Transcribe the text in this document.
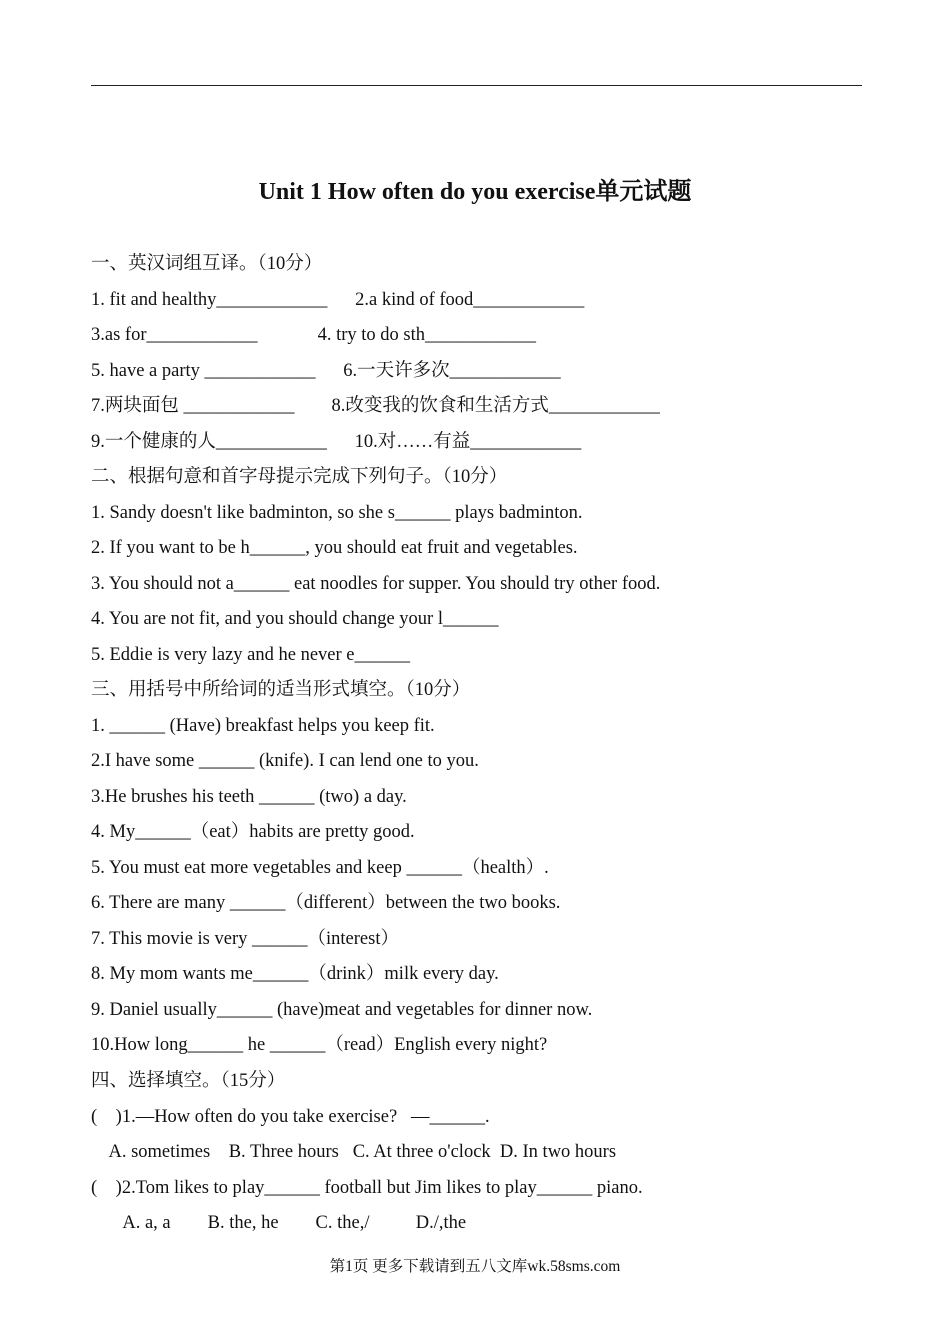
Unit 1 How often do you exercise单元试题
一、英汉词组互译。（10分）
1. fit and healthy____________      2.a kind of food____________
3.as for____________             4. try to do sth____________
5. have a party ____________      6.一天许多次____________
7.两块面包 ____________        8.改变我的饮食和生活方式____________
9.一个健康的人____________      10.对……有益____________
二、根据句意和首字母提示完成下列句子。（10分）
1. Sandy doesn't like badminton, so she s______ plays badminton.
2. If you want to be h______, you should eat fruit and vegetables.
3. You should not a______ eat noodles for supper. You should try other food.
4. You are not fit, and you should change your l______
5. Eddie is very lazy and he never e______
三、用括号中所给词的适当形式填空。（10分）
1. ______ (Have) breakfast helps you keep fit.
2.I have some ______ (knife). I can lend one to you.
3.He brushes his teeth ______ (two) a day.
4. My______（eat）habits are pretty good.
5. You must eat more vegetables and keep ______（health）.
6. There are many ______（different）between the two books.
7. This movie is very ______（interest）
8. My mom wants me______（drink）milk every day.
9. Daniel usually______ (have)meat and vegetables for dinner now.
10.How long______ he ______（read）English every night?
四、选择填空。（15分）
(    )1.—How often do you take exercise?   —______.
A. sometimes    B. Three hours   C. At three o'clock  D. In two hours
(    )2.Tom likes to play______ football but Jim likes to play______ piano.
A. a, a        B. the, he        C. the,/          D./,the
第1页 更多下载请到五八文库wk.58sms.com
